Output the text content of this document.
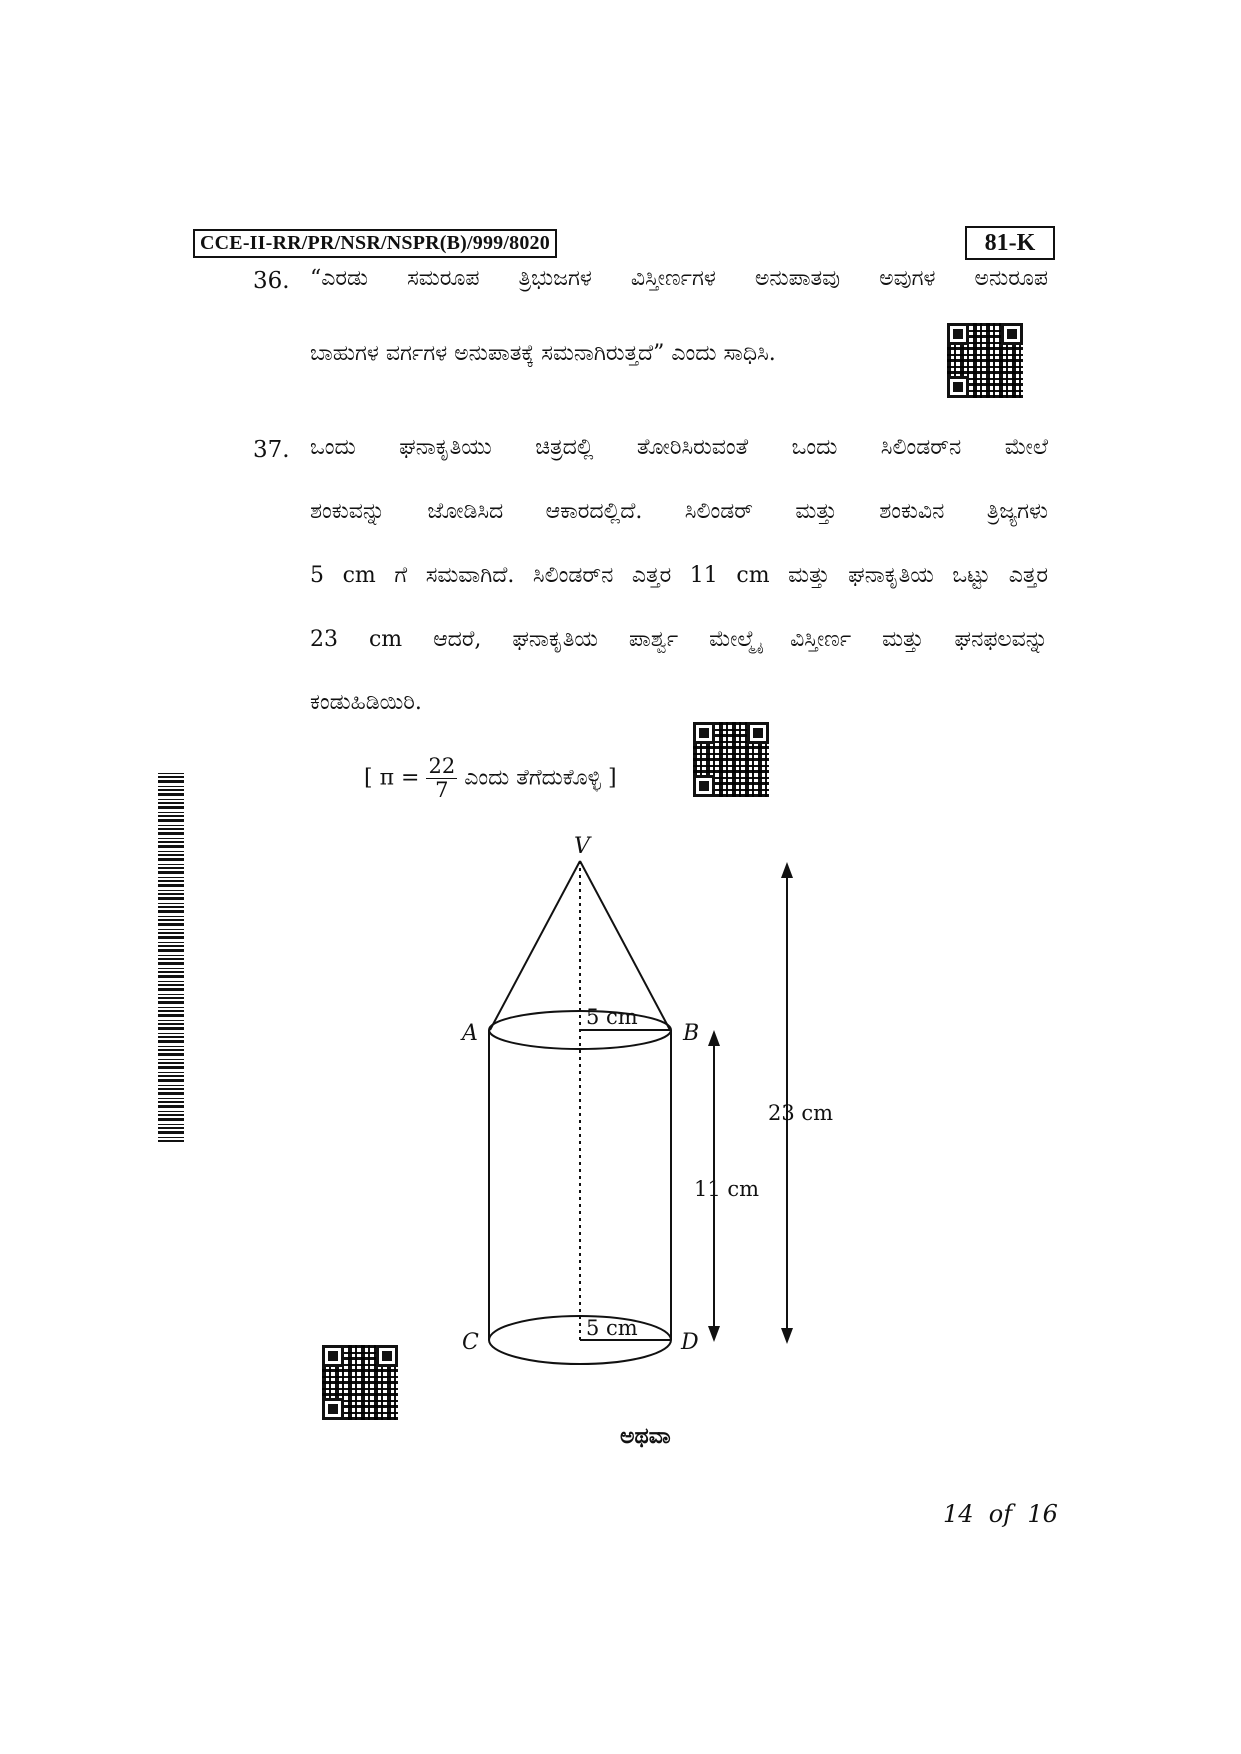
CCE-II-RR/PR/NSR/NSPR(B)/999/8020	81-K
36. “ಎರಡು ಸಮರೂಪ ತ್ರಿಭುಜಗಳ ವಿಸ್ತೀರ್ಣಗಳ ಅನುಪಾತವು ಅವುಗಳ ಅನುರೂಪ
ಬಾಹುಗಳ ವರ್ಗಗಳ ಅನುಪಾತಕ್ಕೆ ಸಮನಾಗಿರುತ್ತದೆ” ಎಂದು ಸಾಧಿಸಿ.
37. ಒಂದು ಘನಾಕೃತಿಯು ಚಿತ್ರದಲ್ಲಿ ತೋರಿಸಿರುವಂತೆ ಒಂದು ಸಿಲಿಂಡರ್‌ನ ಮೇಲೆ
ಶಂಕುವನ್ನು ಜೋಡಿಸಿದ ಆಕಾರದಲ್ಲಿದೆ. ಸಿಲಿಂಡರ್ ಮತ್ತು ಶಂಕುವಿನ ತ್ರಿಜ್ಯಗಳು
5 cm ಗೆ ಸಮವಾಗಿದೆ. ಸಿಲಿಂಡರ್‌ನ ಎತ್ತರ 11 cm ಮತ್ತು ಘನಾಕೃತಿಯ ಒಟ್ಟು ಎತ್ತರ
23 cm ಆದರೆ, ಘನಾಕೃತಿಯ ಪಾರ್ಶ್ವ ಮೇಲ್ಮೈ ವಿಸ್ತೀರ್ಣ ಮತ್ತು ಘನಫಲವನ್ನು
ಕಂಡುಹಿಡಿಯಿರಿ.
[ $\pi = \frac{22}{7}$ ಎಂದು ತೆಗೆದುಕೊಳ್ಳಿ ]
V
A	B
C	D
5 cm
5 cm
11 cm
23 cm
ಅಥವಾ
14  of  16
